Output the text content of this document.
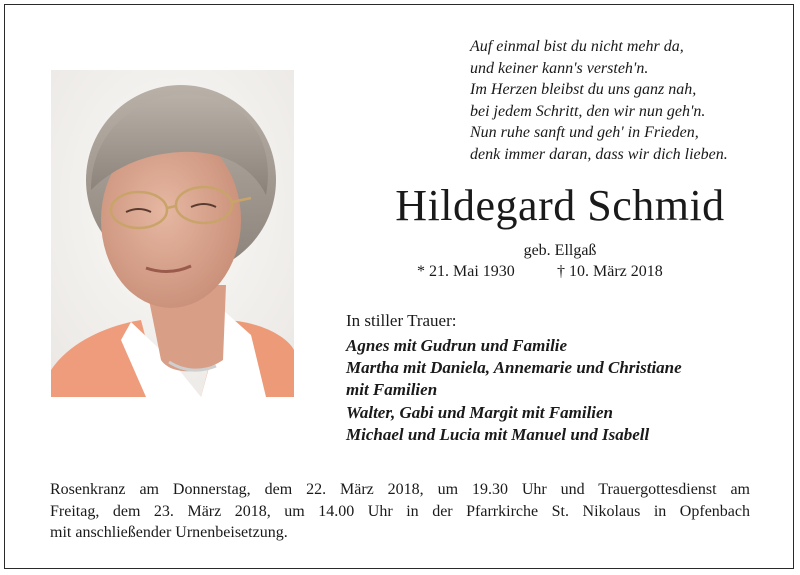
Auf einmal bist du nicht mehr da,
und keiner kann's versteh'n.
Im Herzen bleibst du uns ganz nah,
bei jedem Schritt, den wir nun geh'n.
Nun ruhe sanft und geh' in Frieden,
denk immer daran, dass wir dich lieben.
Hildegard Schmid
geb. Ellgaß
* 21. Mai 1930	† 10. März 2018
In stiller Trauer:
Agnes mit Gudrun und Familie
Martha mit Daniela, Annemarie und Christiane
mit Familien
Walter, Gabi und Margit mit Familien
Michael und Lucia mit Manuel und Isabell
Rosenkranz am Donnerstag, dem 22. März 2018, um 19.30 Uhr und Trauergottesdienst am
Freitag, dem 23. März 2018, um 14.00 Uhr in der Pfarrkirche St. Nikolaus in Opfenbach
mit anschließender Urnenbeisetzung.
